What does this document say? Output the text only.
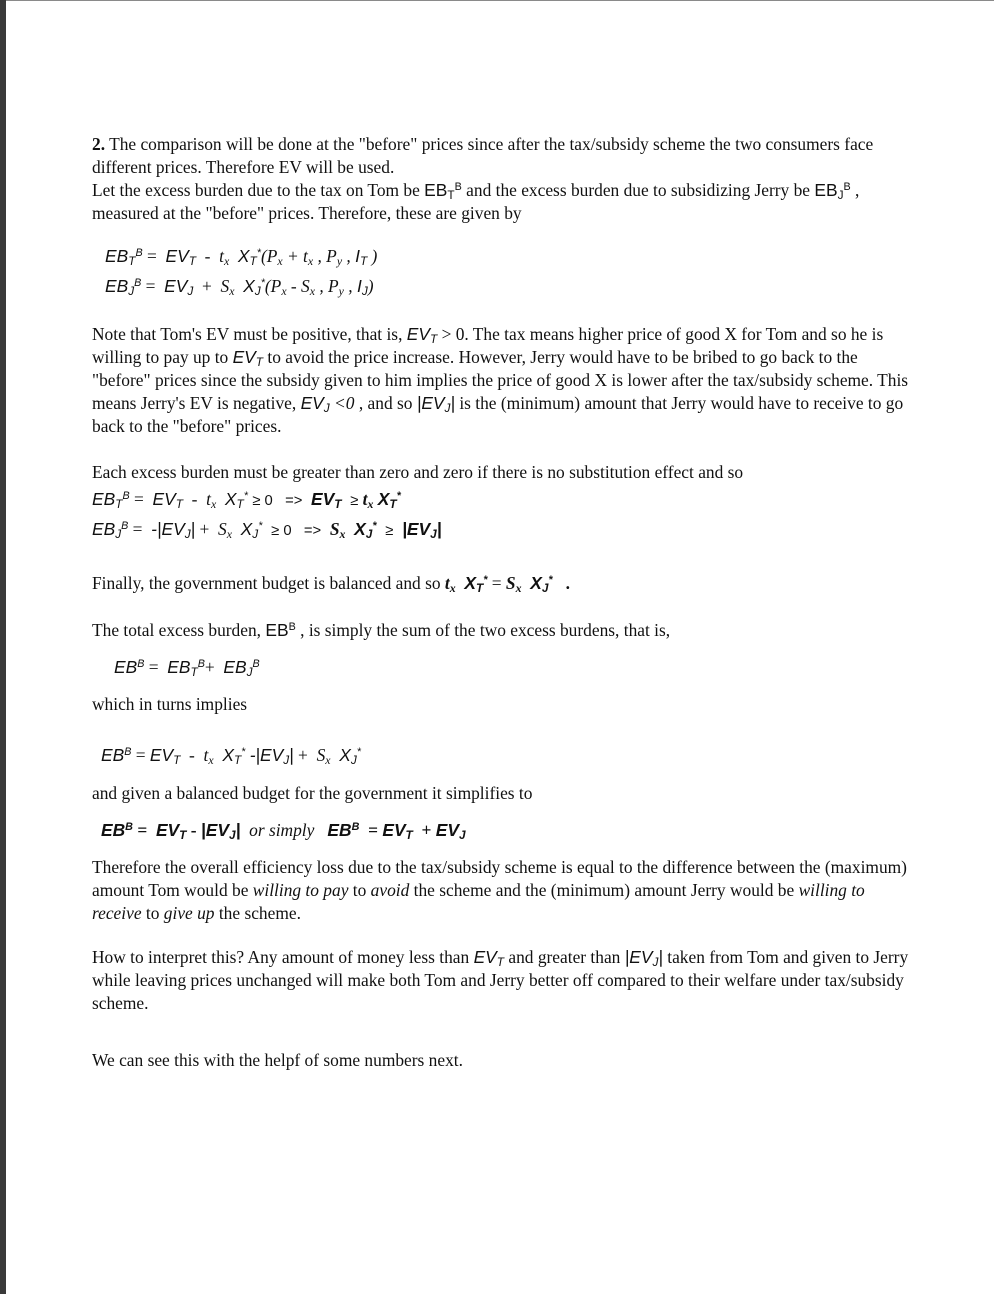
2. The comparison will be done at the "before" prices since after the tax/subsidy scheme the two consumers face different prices. Therefore EV will be used.

Let the excess burden due to the tax on Tom be $EB_T^B$ and the excess burden due to subsidizing Jerry be $EB_J^B$ , measured at the "before" prices. Therefore, these are given by

$EB_T^B = EV_T - t_x$ $X_T^*(P_x + t_x$ , $P_y$ , $I_T$ )
$EB_J^B = EV_J + S_x$ $X_J^*(P_x - S_x$ , $P_y$ , $I_J$)

Note that Tom's EV must be positive, that is, $EV_T > 0$. The tax means higher price of good X for Tom and so he is willing to pay up to $EV_T$ to avoid the price increase. However, Jerry would have to be bribed to go back to the "before" prices since the subsidy given to him implies the price of good X is lower after the tax/subsidy scheme. This means Jerry's EV is negative, $EV_J <0$ , and so $|EV_J|$ is the (minimum) amount that Jerry would have to receive to go back to the "before" prices.

Each excess burden must be greater than zero and zero if there is no substitution effect and so

$EB_T^B = EV_T - t_x$ $X_T^* \ge 0 => EV_T \ge t_x$ $X_T^*$
$EB_J^B = -|EV_J| + S_x$ $X_J^* \ge 0 => S_x$ $X_J^* \ge |EV_J|$
Finally, the government budget is balanced and so $t_x$ $X_T^* = S_x$ $X_J^*$ .
The total excess burden, $EB^B$ , is simply the sum of the two excess burdens, that is,
$EB^B = EB_T^B+ EB_J^B$

which in turns implies

$EB^B = EV_T - t_x$ $X_T^*$ $-|EV_J| + S_x$ $X_J^*$

and given a balanced budget for the government it simplifies to

$EB^B = EV_T - |EV_J|$ or simply $EB^B = EV_T + EV_J$

Therefore the overall efficiency loss due to the tax/subsidy scheme is equal to the difference between the (maximum) amount Tom would be willing to pay to avoid the scheme and the (minimum) amount Jerry would be willing to receive to give up the scheme.

How to interpret this? Any amount of money less than $EV_T$ and greater than $|EV_J|$ taken from Tom and given to Jerry while leaving prices unchanged will make both Tom and Jerry better off compared to their welfare under tax/subsidy scheme.

We can see this with the helpf of some numbers next.
